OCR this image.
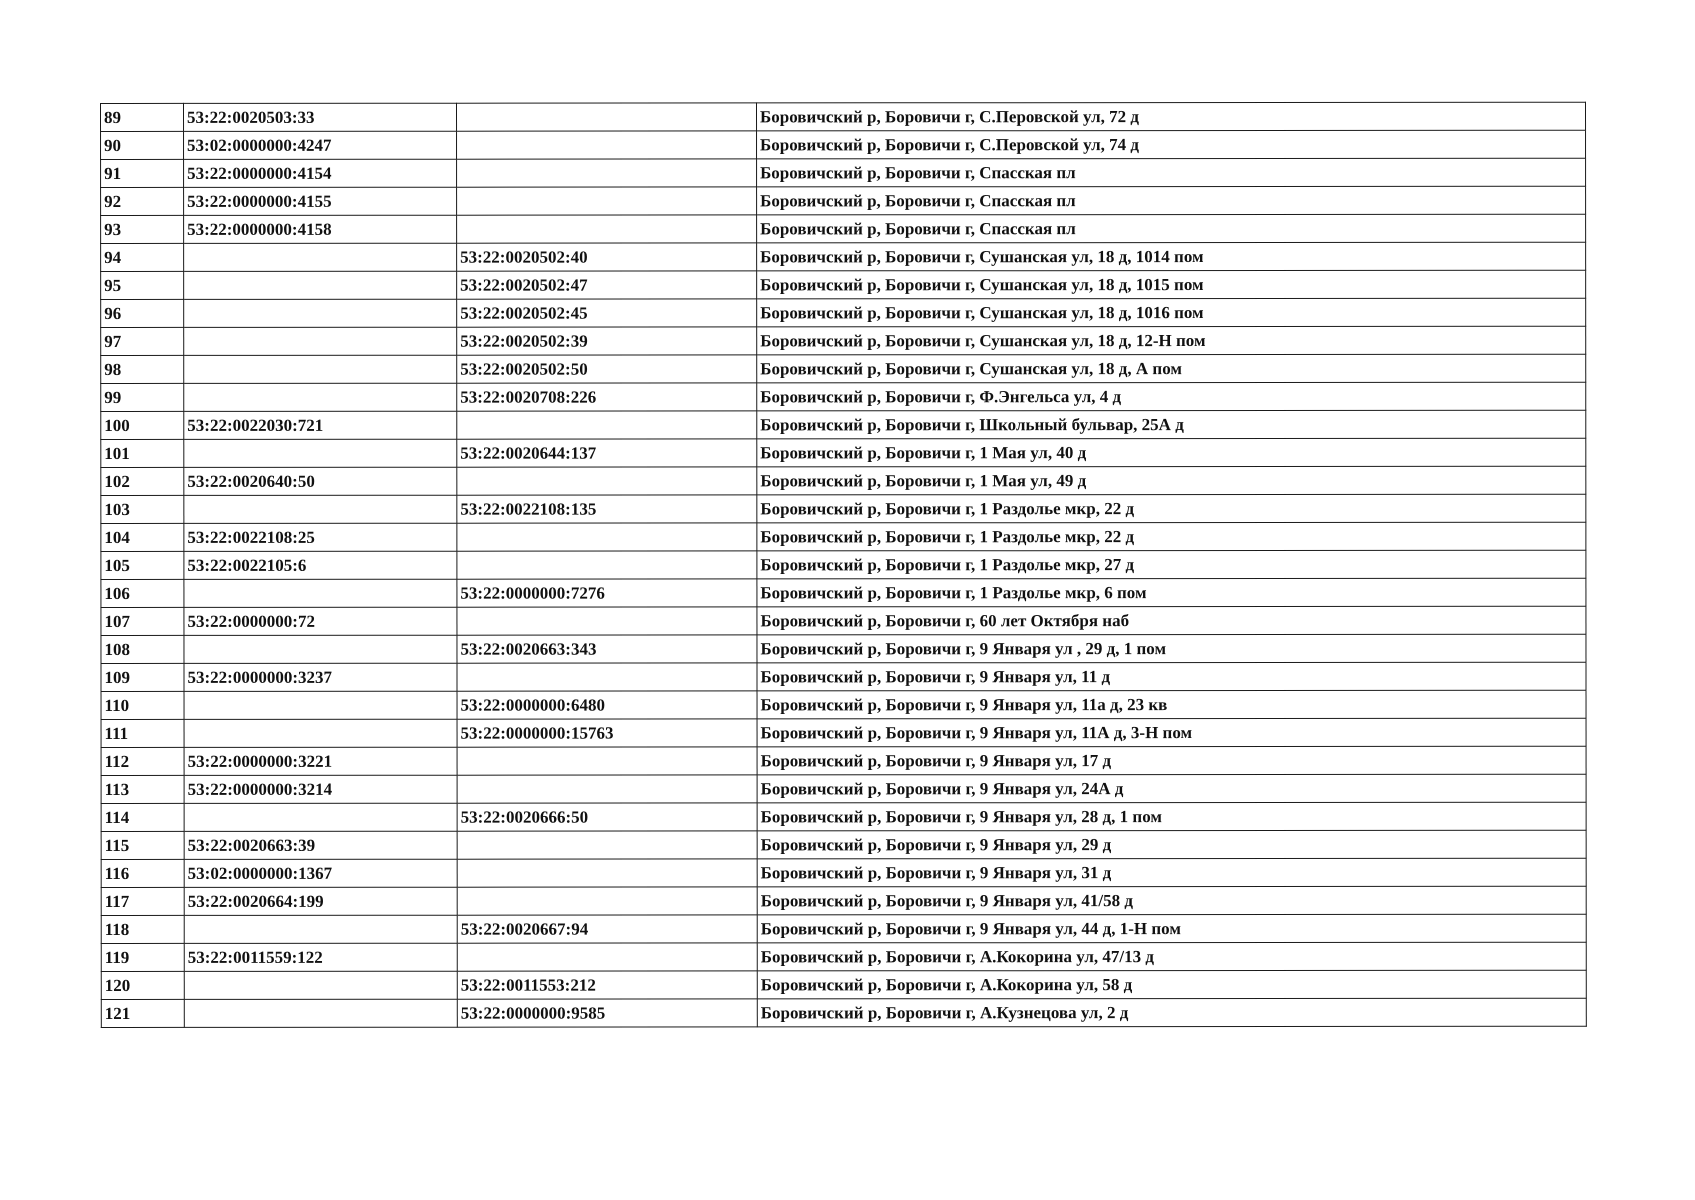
89	53:22:0020503:33		Боровичский р, Боровичи г, С.Перовской ул, 72 д
90	53:02:0000000:4247		Боровичский р, Боровичи г, С.Перовской ул, 74 д
91	53:22:0000000:4154		Боровичский р, Боровичи г, Спасская пл
92	53:22:0000000:4155		Боровичский р, Боровичи г, Спасская пл
93	53:22:0000000:4158		Боровичский р, Боровичи г, Спасская пл
94		53:22:0020502:40	Боровичский р, Боровичи г, Сушанская ул, 18 д, 1014 пом
95		53:22:0020502:47	Боровичский р, Боровичи г, Сушанская ул, 18 д, 1015 пом
96		53:22:0020502:45	Боровичский р, Боровичи г, Сушанская ул, 18 д, 1016 пом
97		53:22:0020502:39	Боровичский р, Боровичи г, Сушанская ул, 18 д, 12-Н пом
98		53:22:0020502:50	Боровичский р, Боровичи г, Сушанская ул, 18 д, А пом
99		53:22:0020708:226	Боровичский р, Боровичи г, Ф.Энгельса ул, 4 д
100	53:22:0022030:721		Боровичский р, Боровичи г, Школьный бульвар, 25А д
101		53:22:0020644:137	Боровичский р, Боровичи г, 1 Мая ул, 40 д
102	53:22:0020640:50		Боровичский р, Боровичи г, 1 Мая ул, 49 д
103		53:22:0022108:135	Боровичский р, Боровичи г, 1 Раздолье мкр, 22 д
104	53:22:0022108:25		Боровичский р, Боровичи г, 1 Раздолье мкр, 22 д
105	53:22:0022105:6		Боровичский р, Боровичи г, 1 Раздолье мкр, 27 д
106		53:22:0000000:7276	Боровичский р, Боровичи г, 1 Раздолье мкр, 6 пом
107	53:22:0000000:72		Боровичский р, Боровичи г, 60 лет Октября наб
108		53:22:0020663:343	Боровичский р, Боровичи г, 9 Января ул , 29 д, 1 пом
109	53:22:0000000:3237		Боровичский р, Боровичи г, 9 Января ул, 11 д
110		53:22:0000000:6480	Боровичский р, Боровичи г, 9 Января ул, 11а д, 23 кв
111		53:22:0000000:15763	Боровичский р, Боровичи г, 9 Января ул, 11А д, 3-Н пом
112	53:22:0000000:3221		Боровичский р, Боровичи г, 9 Января ул, 17 д
113	53:22:0000000:3214		Боровичский р, Боровичи г, 9 Января ул, 24А д
114		53:22:0020666:50	Боровичский р, Боровичи г, 9 Января ул, 28 д, 1 пом
115	53:22:0020663:39		Боровичский р, Боровичи г, 9 Января ул, 29 д
116	53:02:0000000:1367		Боровичский р, Боровичи г, 9 Января ул, 31 д
117	53:22:0020664:199		Боровичский р, Боровичи г, 9 Января ул, 41/58 д
118		53:22:0020667:94	Боровичский р, Боровичи г, 9 Января ул, 44 д, 1-Н пом
119	53:22:0011559:122		Боровичский р, Боровичи г, А.Кокорина ул, 47/13 д
120		53:22:0011553:212	Боровичский р, Боровичи г, А.Кокорина ул, 58 д
121		53:22:0000000:9585	Боровичский р, Боровичи г, А.Кузнецова ул, 2 д
